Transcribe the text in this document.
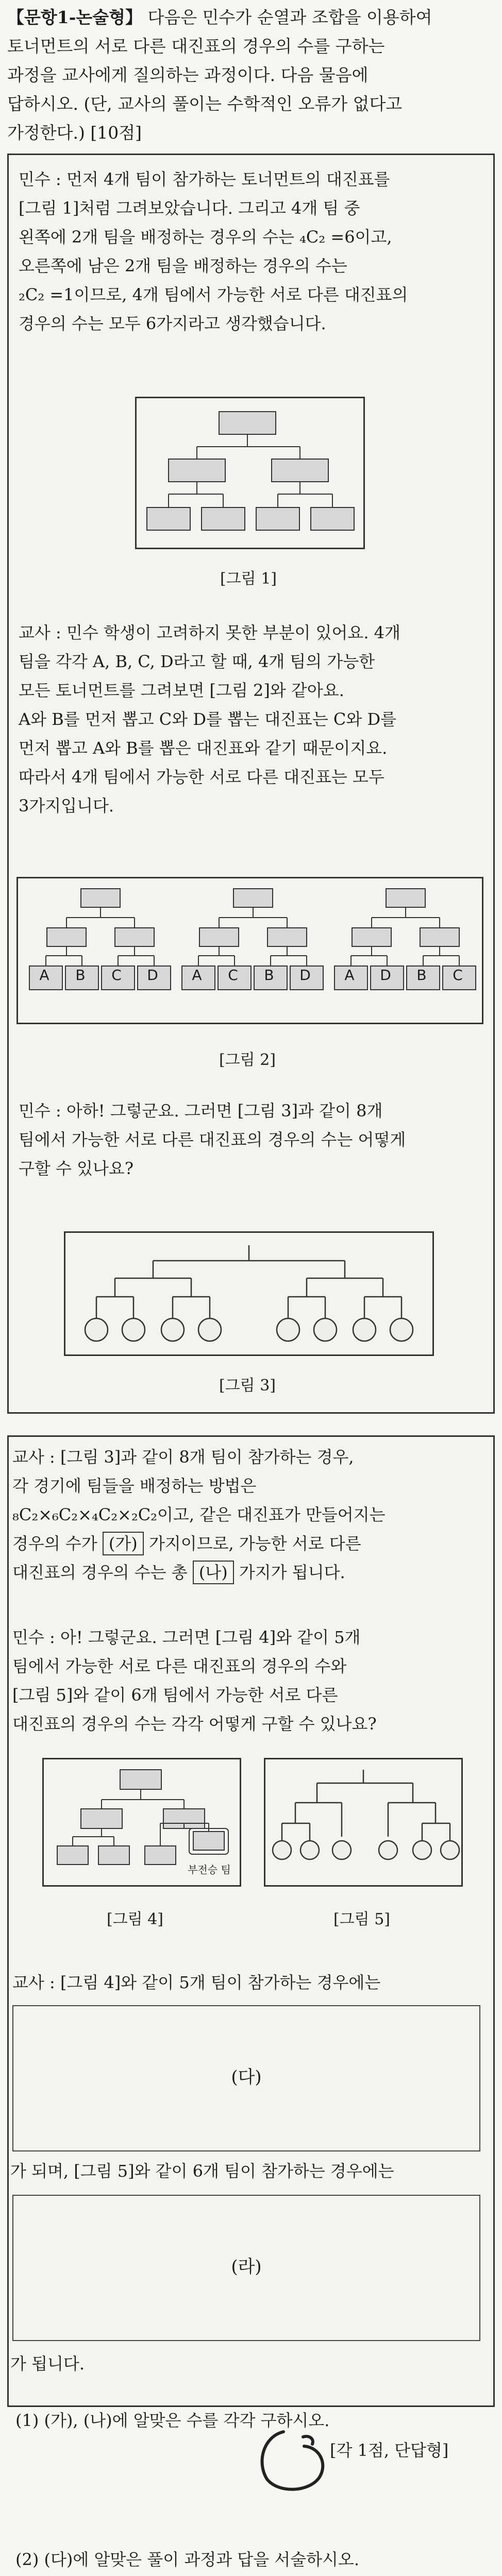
【문항1-논술형】 다음은 민수가 순열과 조합을 이용하여
토너먼트의 서로 다른 대진표의 경우의 수를 구하는
과정을 교사에게 질의하는 과정이다. 다음 물음에
답하시오. (단, 교사의 풀이는 수학적인 오류가 없다고
가정한다.) [10점]
민수 : 먼저 4개 팀이 참가하는 토너먼트의 대진표를
[그림 1]처럼 그려보았습니다. 그리고 4개 팀 중
왼쪽에 2개 팀을 배정하는 경우의 수는 ₄C₂ =6이고,
오른쪽에 남은 2개 팀을 배정하는 경우의 수는
₂C₂ =1이므로, 4개 팀에서 가능한 서로 다른 대진표의
경우의 수는 모두 6가지라고 생각했습니다.
[그림 1]
교사 : 민수 학생이 고려하지 못한 부분이 있어요. 4개
팀을 각각 A, B, C, D라고 할 때, 4개 팀의 가능한
모든 토너먼트를 그려보면 [그림 2]와 같아요.
A와 B를 먼저 뽑고 C와 D를 뽑는 대진표는 C와 D를
먼저 뽑고 A와 B를 뽑은 대진표와 같기 때문이지요.
따라서 4개 팀에서 가능한 서로 다른 대진표는 모두
3가지입니다.
A	B	C	D	A	C	B	D	A	D	B	C
[그림 2]
민수 : 아하! 그렇군요. 그러면 [그림 3]과 같이 8개
팀에서 가능한 서로 다른 대진표의 경우의 수는 어떻게
구할 수 있나요?
[그림 3]
교사 : [그림 3]과 같이 8개 팀이 참가하는 경우,
각 경기에 팀들을 배정하는 방법은
₈C₂×₆C₂×₄C₂×₂C₂이고, 같은 대진표가 만들어지는
경우의 수가 (가) 가지이므로, 가능한 서로 다른
대진표의 경우의 수는 총 (나) 가지가 됩니다.
민수 : 아! 그렇군요. 그러면 [그림 4]와 같이 5개
팀에서 가능한 서로 다른 대진표의 경우의 수와
[그림 5]와 같이 6개 팀에서 가능한 서로 다른
대진표의 경우의 수는 각각 어떻게 구할 수 있나요?
부전승 팀
[그림 4]	[그림 5]
교사 : [그림 4]와 같이 5개 팀이 참가하는 경우에는
(다)
가 되며, [그림 5]와 같이 6개 팀이 참가하는 경우에는
(라)
가 됩니다.
(1) (가), (나)에 알맞은 수를 각각 구하시오.
[각 1점, 단답형]
(2) (다)에 알맞은 풀이 과정과 답을 서술하시오.
